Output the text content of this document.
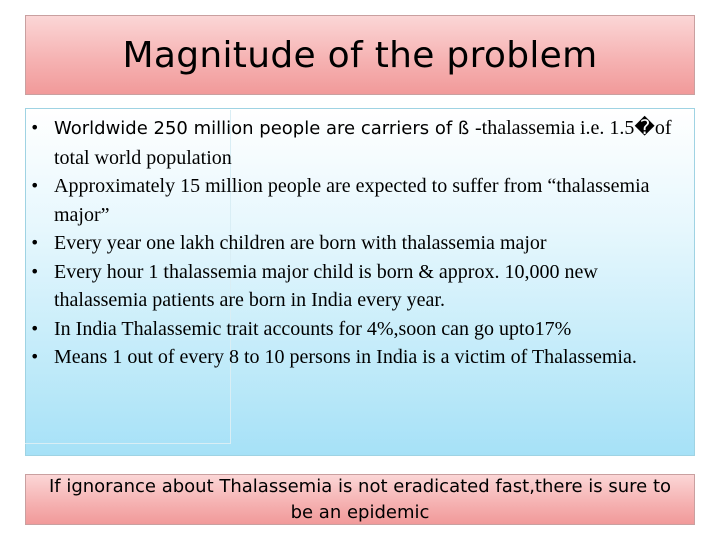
Magnitude of the problem
• Worldwide 250 million people are carriers of ß -thalassemia i.e. 1.5�of total world population
• Approximately 15 million people are expected to suffer from “thalassemia major”
• Every year one lakh children are born with thalassemia major
• Every hour 1 thalassemia major child is born & approx. 10,000 new thalassemia patients are born in India every year.
• In India Thalassemic trait accounts for 4%,soon can go upto17%
• Means 1 out of every 8 to 10 persons in India is a victim of Thalassemia.
If ignorance about Thalassemia is not eradicated fast,there is sure to be an epidemic
